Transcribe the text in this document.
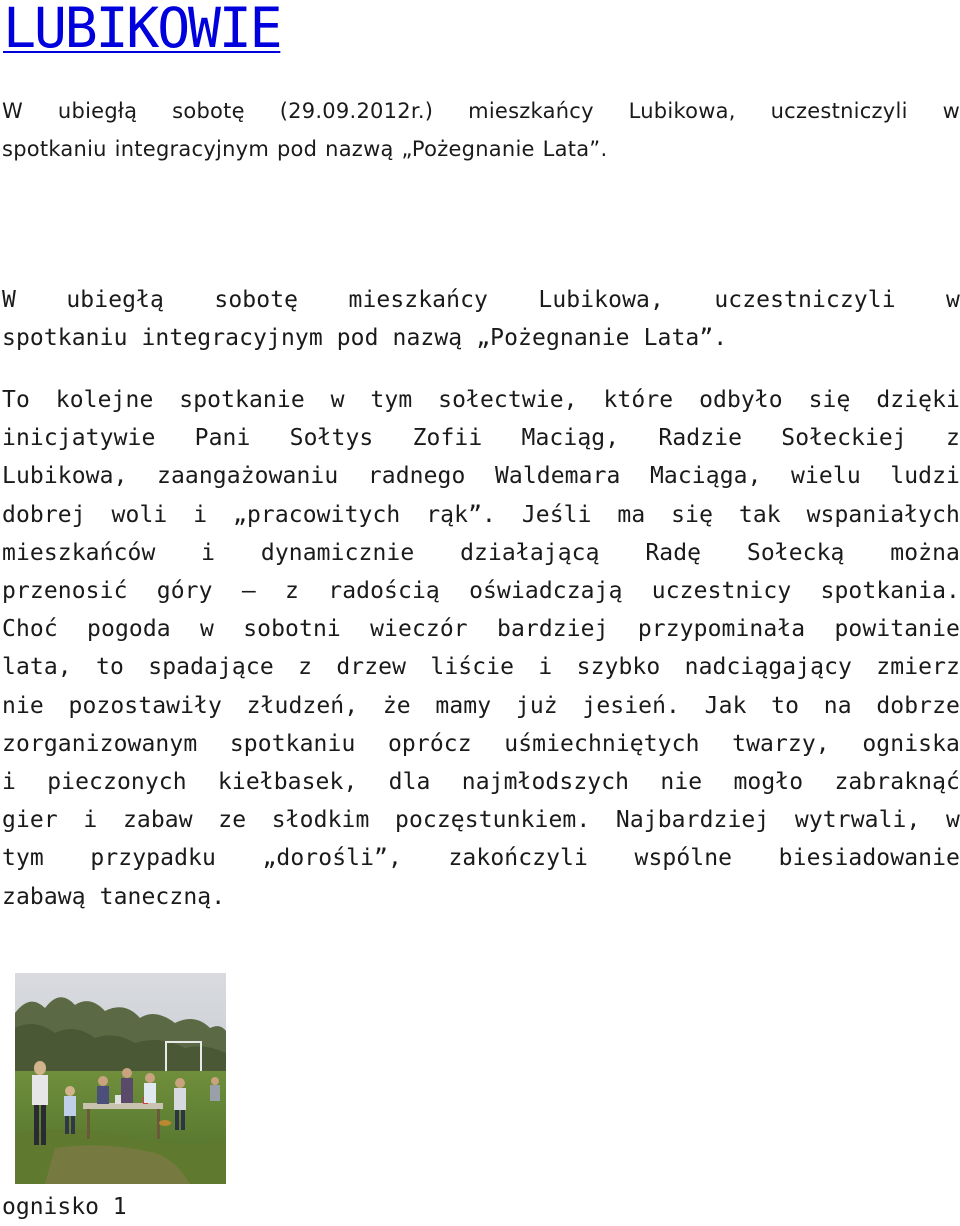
LUBIKOWIE

W ubiegłą sobotę (29.09.2012r.) mieszkańcy Lubikowa, uczestniczyli w
spotkaniu integracyjnym pod nazwą „Pożegnanie Lata”.

W ubiegłą sobotę mieszkańcy Lubikowa, uczestniczyli w
spotkaniu integracyjnym pod nazwą „Pożegnanie Lata”.

To kolejne spotkanie w tym sołectwie, które odbyło się dzięki
inicjatywie Pani Sołtys Zofii Maciąg, Radzie Sołeckiej z
Lubikowa, zaangażowaniu radnego Waldemara Maciąga, wielu ludzi
dobrej woli i „pracowitych rąk”. Jeśli ma się tak wspaniałych
mieszkańców i dynamicznie działającą Radę Sołecką można
przenosić góry – z radością oświadczają uczestnicy spotkania.
Choć pogoda w sobotni wieczór bardziej przypominała powitanie
lata, to spadające z drzew liście i szybko nadciągający zmierz
nie pozostawiły złudzeń, że mamy już jesień. Jak to na dobrze
zorganizowanym spotkaniu oprócz uśmiechniętych twarzy, ogniska
i pieczonych kiełbasek, dla najmłodszych nie mogło zabraknąć
gier i zabaw ze słodkim poczęstunkiem. Najbardziej wytrwali, w
tym przypadku „dorośli”, zakończyli wspólne biesiadowanie
zabawą taneczną.

ognisko 1
